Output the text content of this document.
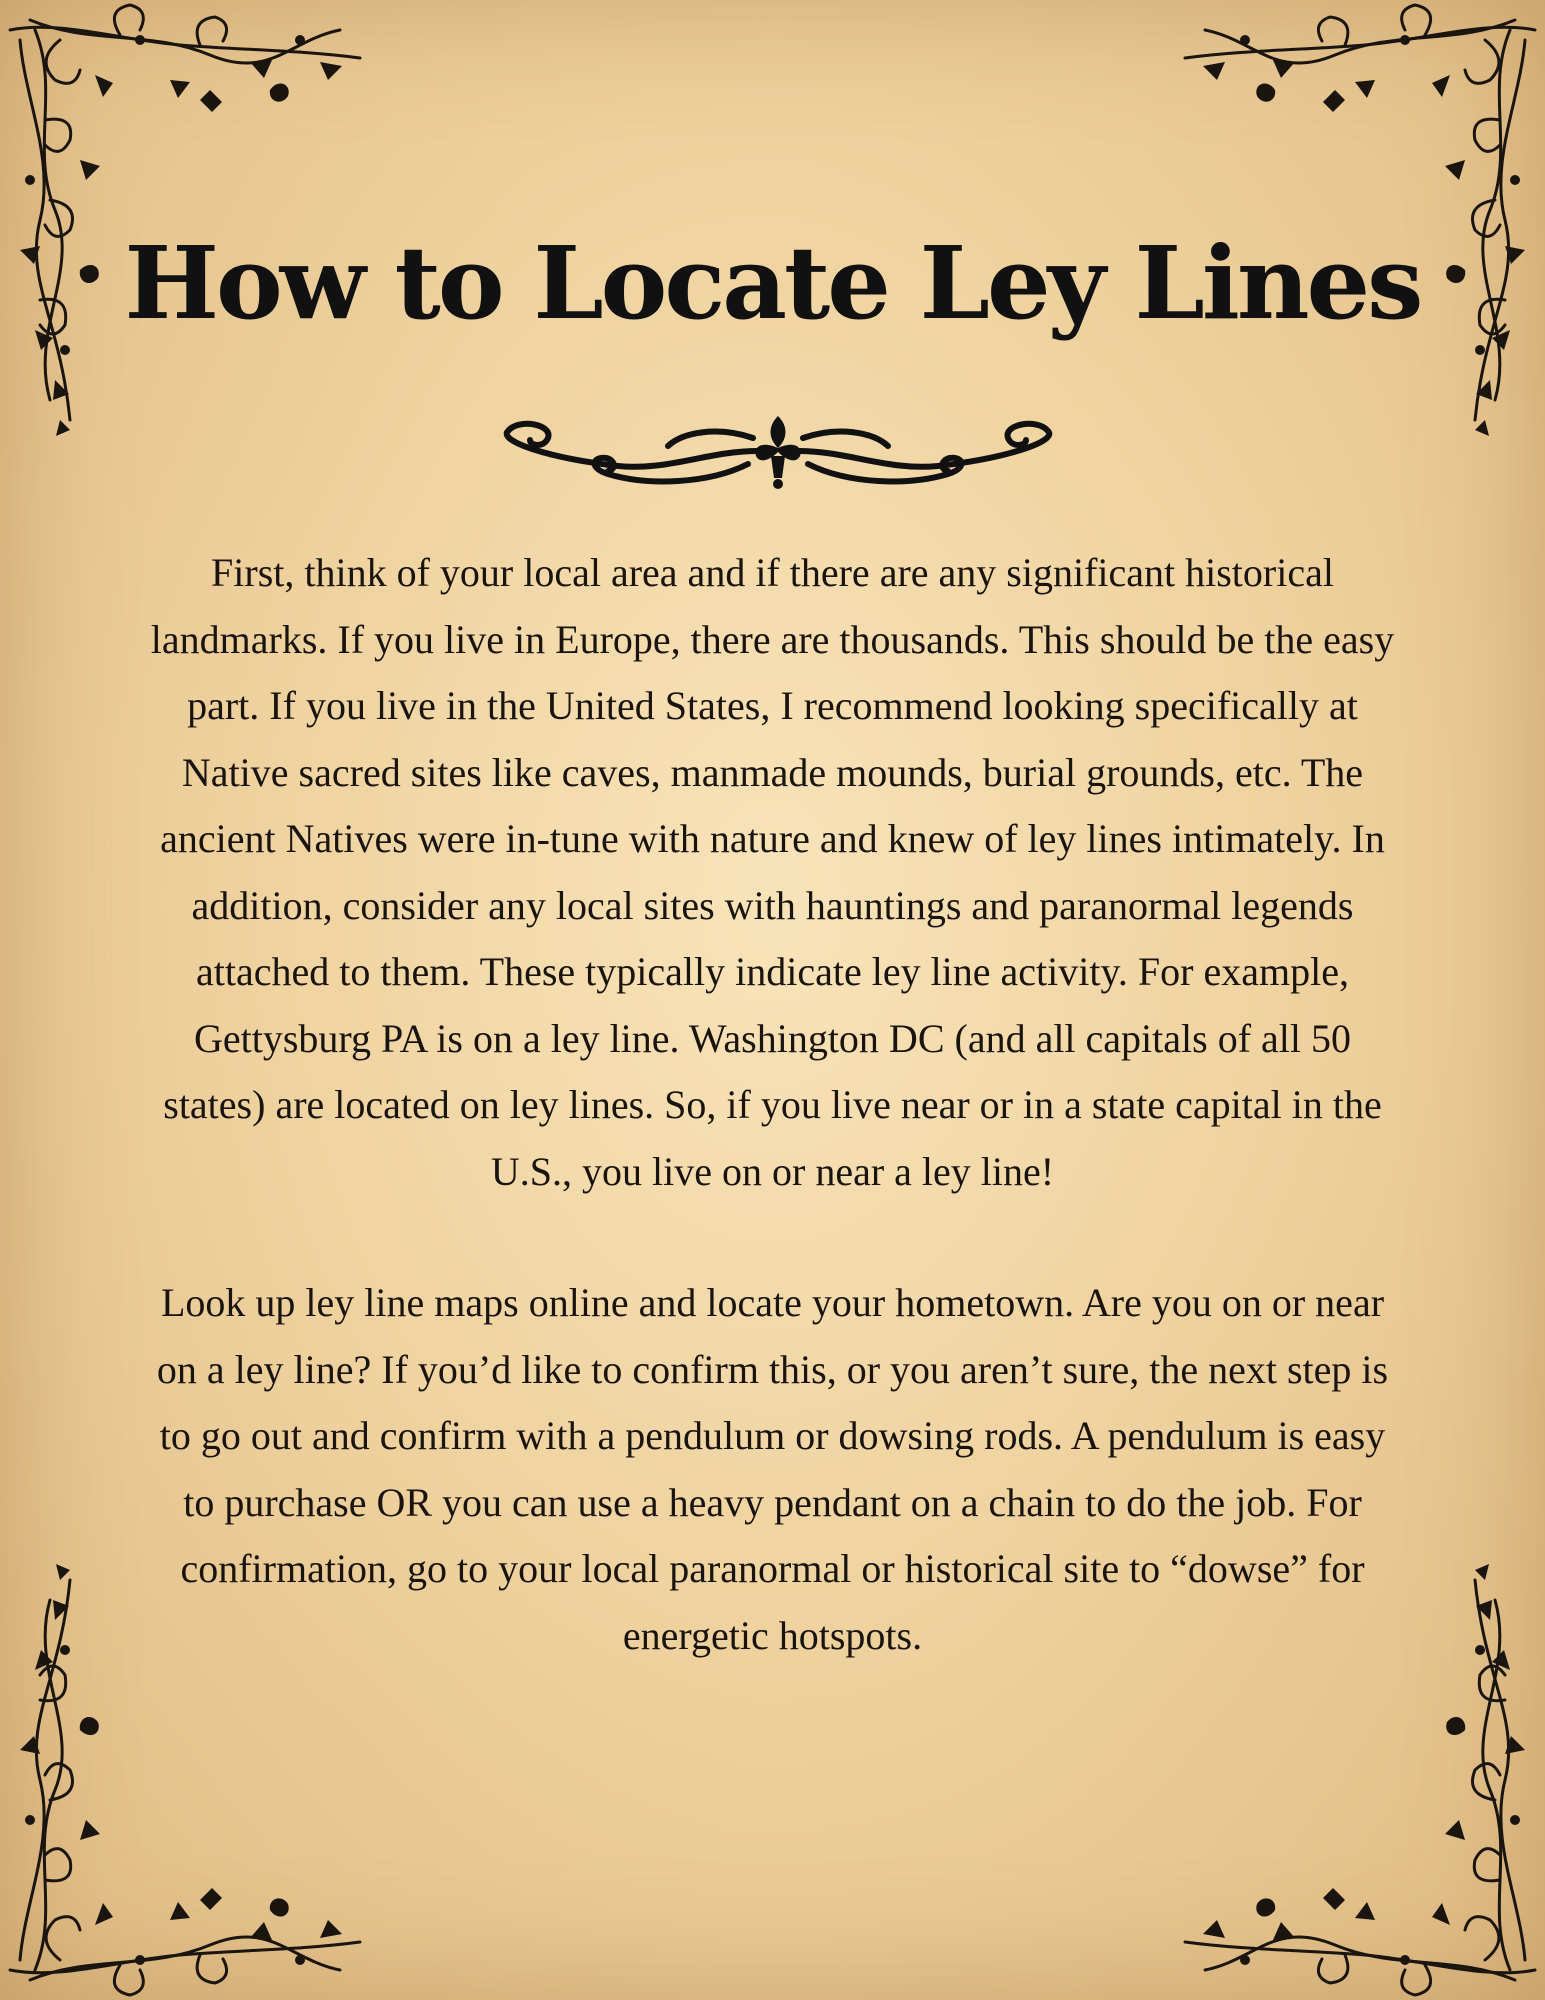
How to Locate Ley Lines

First, think of your local area and if there are any significant historical landmarks. If you live in Europe, there are thousands. This should be the easy part. If you live in the United States, I recommend looking specifically at Native sacred sites like caves, manmade mounds, burial grounds, etc. The ancient Natives were in-tune with nature and knew of ley lines intimately. In addition, consider any local sites with hauntings and paranormal legends attached to them. These typically indicate ley line activity. For example, Gettysburg PA is on a ley line. Washington DC (and all capitals of all 50 states) are located on ley lines. So, if you live near or in a state capital in the U.S., you live on or near a ley line!

Look up ley line maps online and locate your hometown. Are you on or near on a ley line? If you’d like to confirm this, or you aren’t sure, the next step is to go out and confirm with a pendulum or dowsing rods. A pendulum is easy to purchase OR you can use a heavy pendant on a chain to do the job. For confirmation, go to your local paranormal or historical site to “dowse” for energetic hotspots.
